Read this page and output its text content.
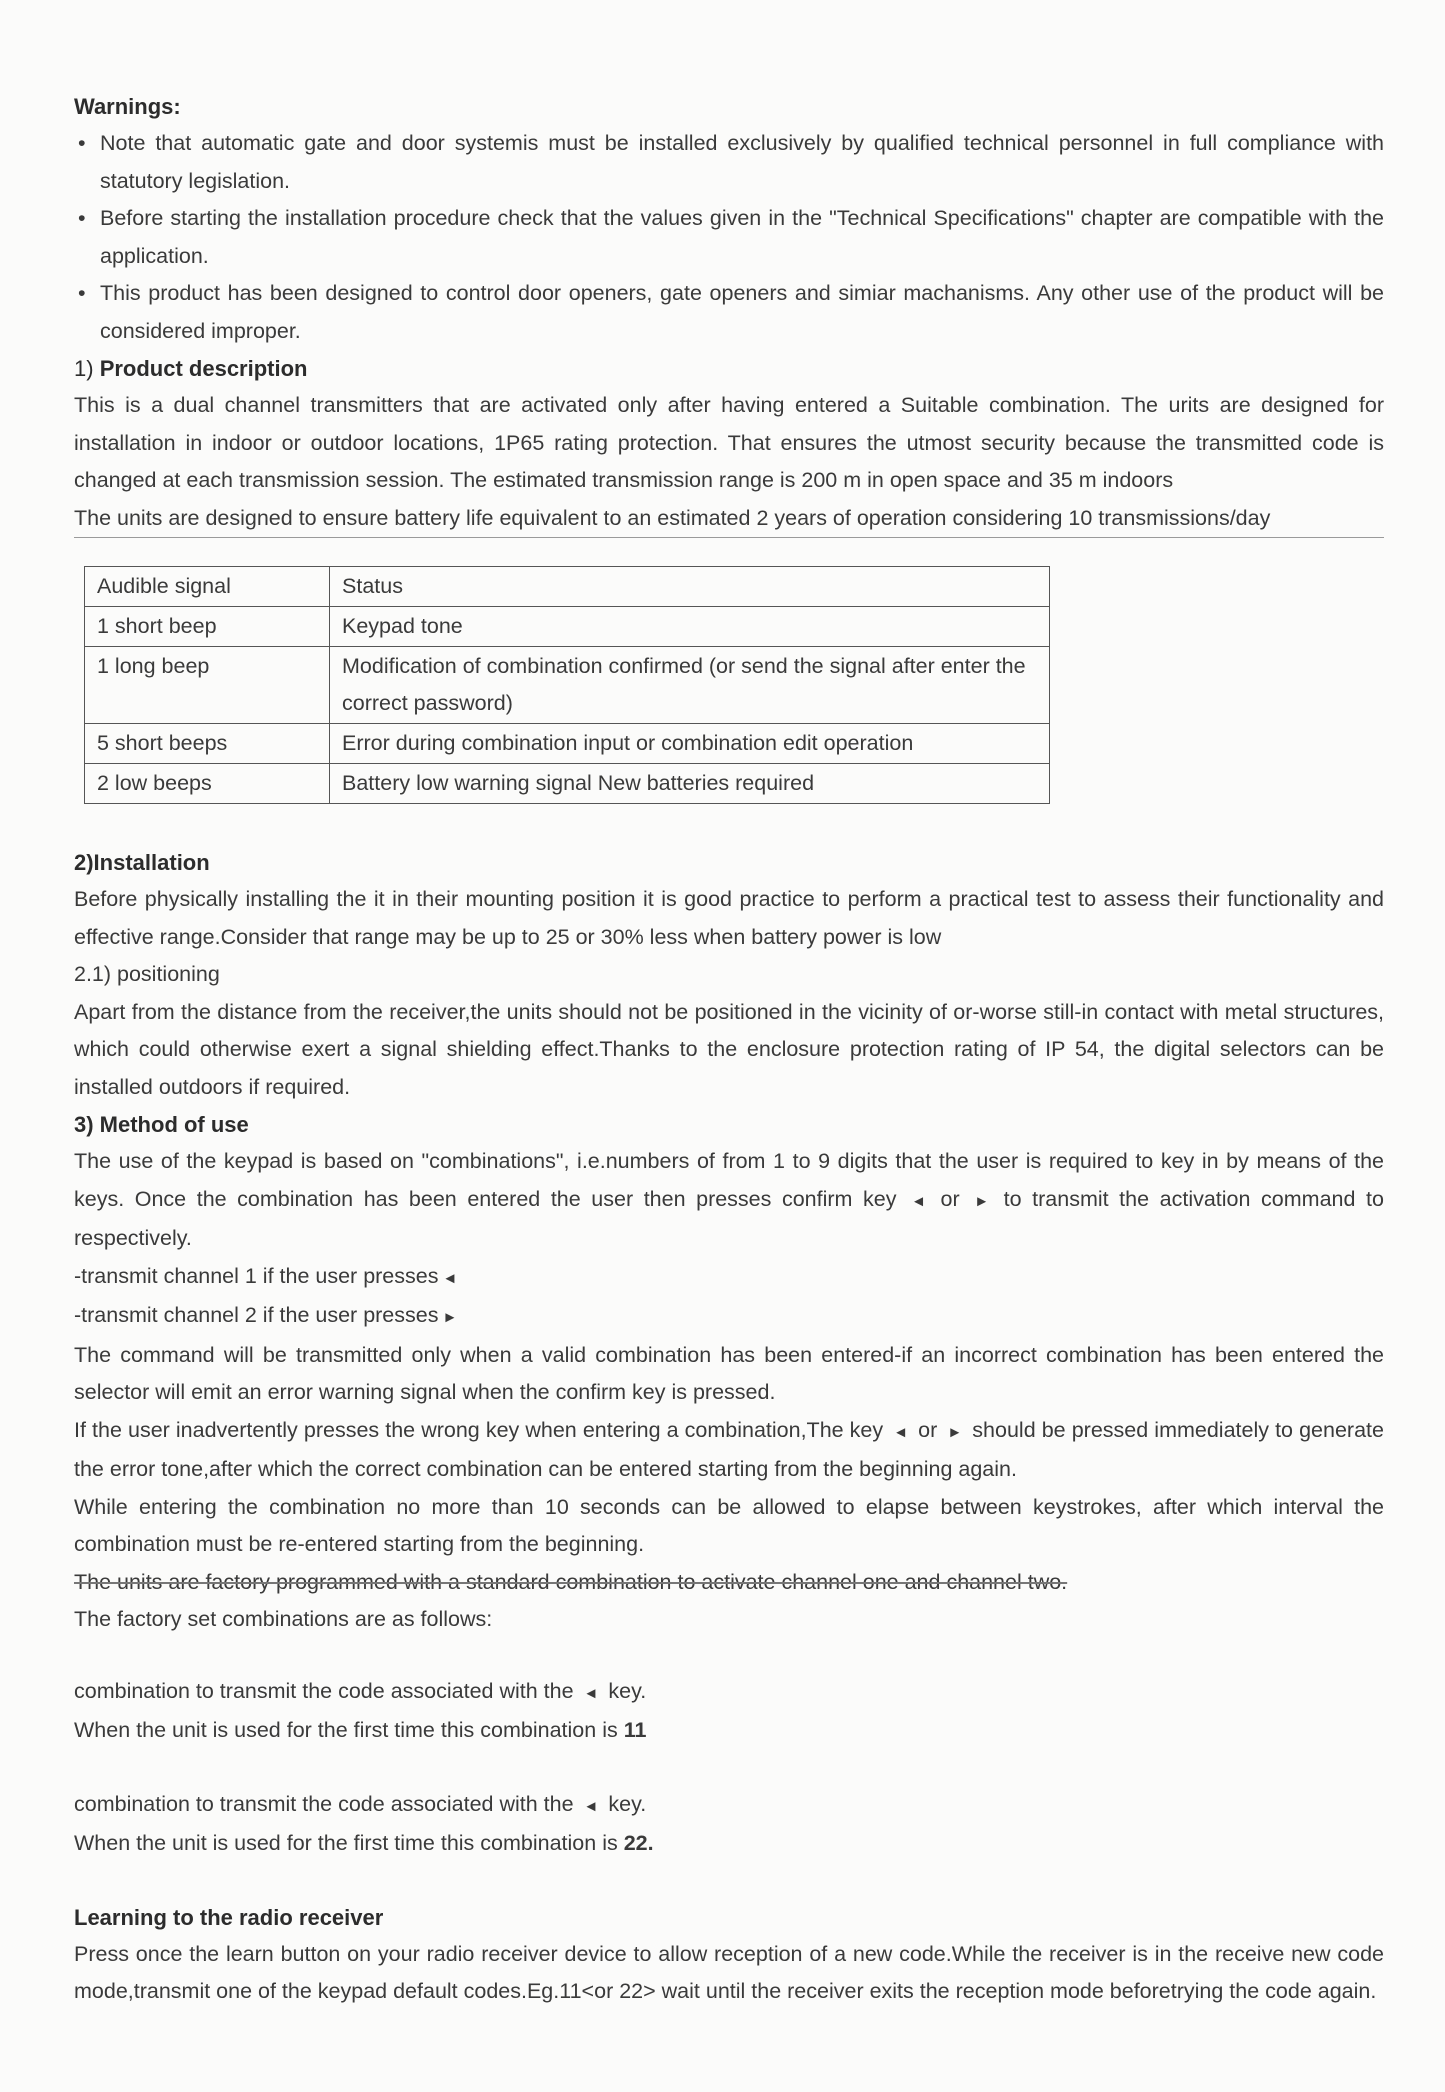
Warnings:

• Note that automatic gate and door systemis must be installed exclusively by qualified technical personnel in full compliance with statutory legislation.
• Before starting the installation procedure check that the values given in the "Technical Specifications" chapter are compatible with the application.
• This product has been designed to control door openers, gate openers and simiar machanisms. Any other use of the product will be considered improper.

1) Product description

This is a dual channel transmitters that are activated only after having entered a Suitable combination. The urits are designed for installation in indoor or outdoor locations, 1P65 rating protection. That ensures the utmost security because the transmitted code is changed at each transmission session. The estimated transmission range is 200 m in open space and 35 m indoors

The units are designed to ensure battery life equivalent to an estimated 2 years of operation considering 10 transmissions/day

Audible signal	Status
1 short beep	Keypad tone
1 long beep	Modification of combination confirmed (or send the signal after enter the correct password)
5 short beeps	Error during combination input or combination edit operation
2 low beeps	Battery low warning signal New batteries required

2)Installation

Before physically installing the it in their mounting position it is good practice to perform a practical test to assess their functionality and effective range.Consider that range may be up to 25 or 30% less when battery power is low

2.1) positioning

Apart from the distance from the receiver,the units should not be positioned in the vicinity of or-worse still-in contact with metal structures, which could otherwise exert a signal shielding effect.Thanks to the enclosure protection rating of IP 54, the digital selectors can be installed outdoors if required.

3) Method of use

The use of the keypad is based on "combinations", i.e.numbers of from 1 to 9 digits that the user is required to key in by means of the keys. Once the combination has been entered the user then presses confirm key ◄ or ► to transmit the activation command to respectively.

-transmit channel 1 if the user presses ◄

-transmit channel 2 if the user presses ►

The command will be transmitted only when a valid combination has been entered-if an incorrect combination has been entered the selector will emit an error warning signal when the confirm key is pressed.

If the user inadvertently presses the wrong key when entering a combination,The key ◄ or ► should be pressed immediately to generate the error tone,after which the correct combination can be entered starting from the beginning again.

While entering the combination no more than 10 seconds can be allowed to elapse between keystrokes, after which interval the combination must be re-entered starting from the beginning.

The units are factory programmed with a standard combination to activate channel one and channel two.

The factory set combinations are as follows:

combination to transmit the code associated with the ◄ key.

When the unit is used for the first time this combination is 11

combination to transmit the code associated with the ◄ key.

When the unit is used for the first time this combination is 22.

Learning to the radio receiver

Press once the learn button on your radio receiver device to allow reception of a new code.While the receiver is in the receive new code mode,transmit one of the keypad default codes.Eg.11<or 22> wait until the receiver exits the reception mode beforetrying the code again.
